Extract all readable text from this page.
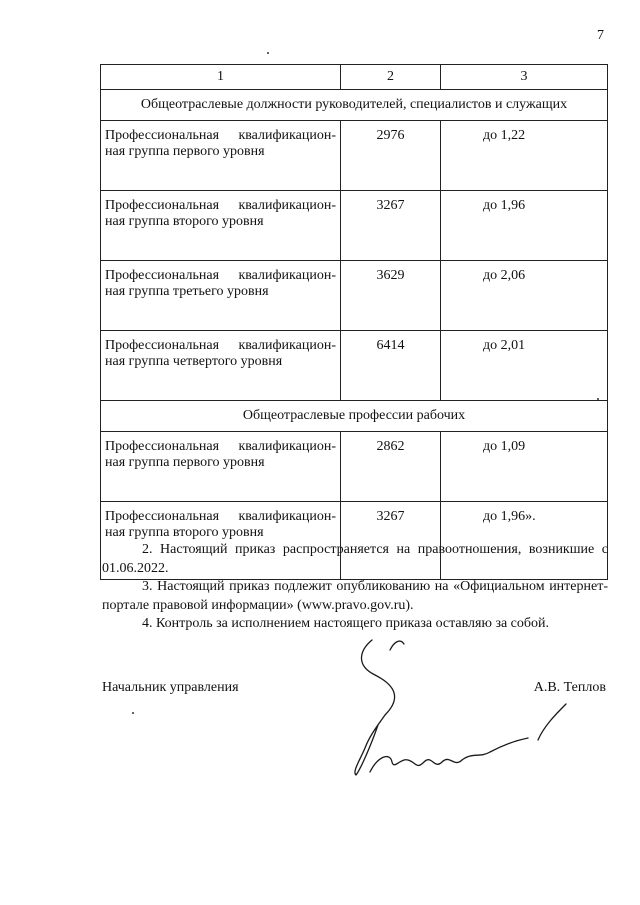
7
1	2	3
Общеотраслевые должности руководителей, специалистов и служащих		

Профессиональная квалификацион-
ная группа первого уровня	2976	до 1,22

Профессиональная квалификацион-
ная группа второго уровня	3267	до 1,96

Профессиональная квалификацион-
ная группа третьего уровня	3629	до 2,06

Профессиональная квалификацион-
ная группа четвертого уровня	6414	до 2,01
Общеотраслевые профессии рабочих		

Профессиональная квалификацион-
ная группа первого уровня	2862	до 1,09

Профессиональная квалификацион-
ная группа второго уровня	3267	до 1,96».

2. Настоящий приказ распространяется на правоотношения, возникшие с 01.06.2022.

3. Настоящий приказ подлежит опубликованию на «Официальном интернет-портале правовой информации» (www.pravo.gov.ru).

4. Контроль за исполнением настоящего приказа оставляю за собой.

Начальник управления	А.В. Теплов
